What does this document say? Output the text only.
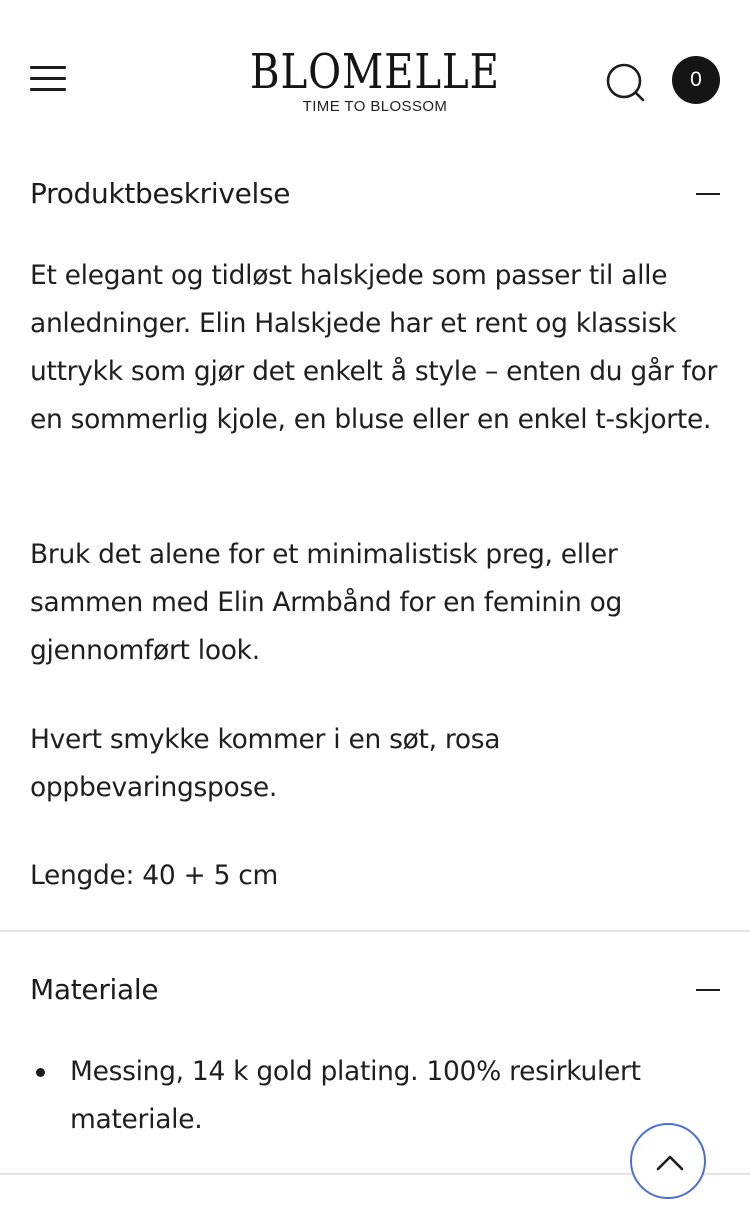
BLOMELLE
TIME TO BLOSSOM
0
Produktbeskrivelse

Et elegant og tidløst halskjede som passer til alle anledninger. Elin Halskjede har et rent og klassisk uttrykk som gjør det enkelt å style – enten du går for en sommerlig kjole, en bluse eller en enkel t-skjorte.

Bruk det alene for et minimalistisk preg, eller sammen med Elin Armbånd for en feminin og gjennomført look.

Hvert smykke kommer i en søt, rosa oppbevaringspose.

Lengde: 40 + 5 cm

Materiale
Messing, 14 k gold plating. 100% resirkulert materiale.
